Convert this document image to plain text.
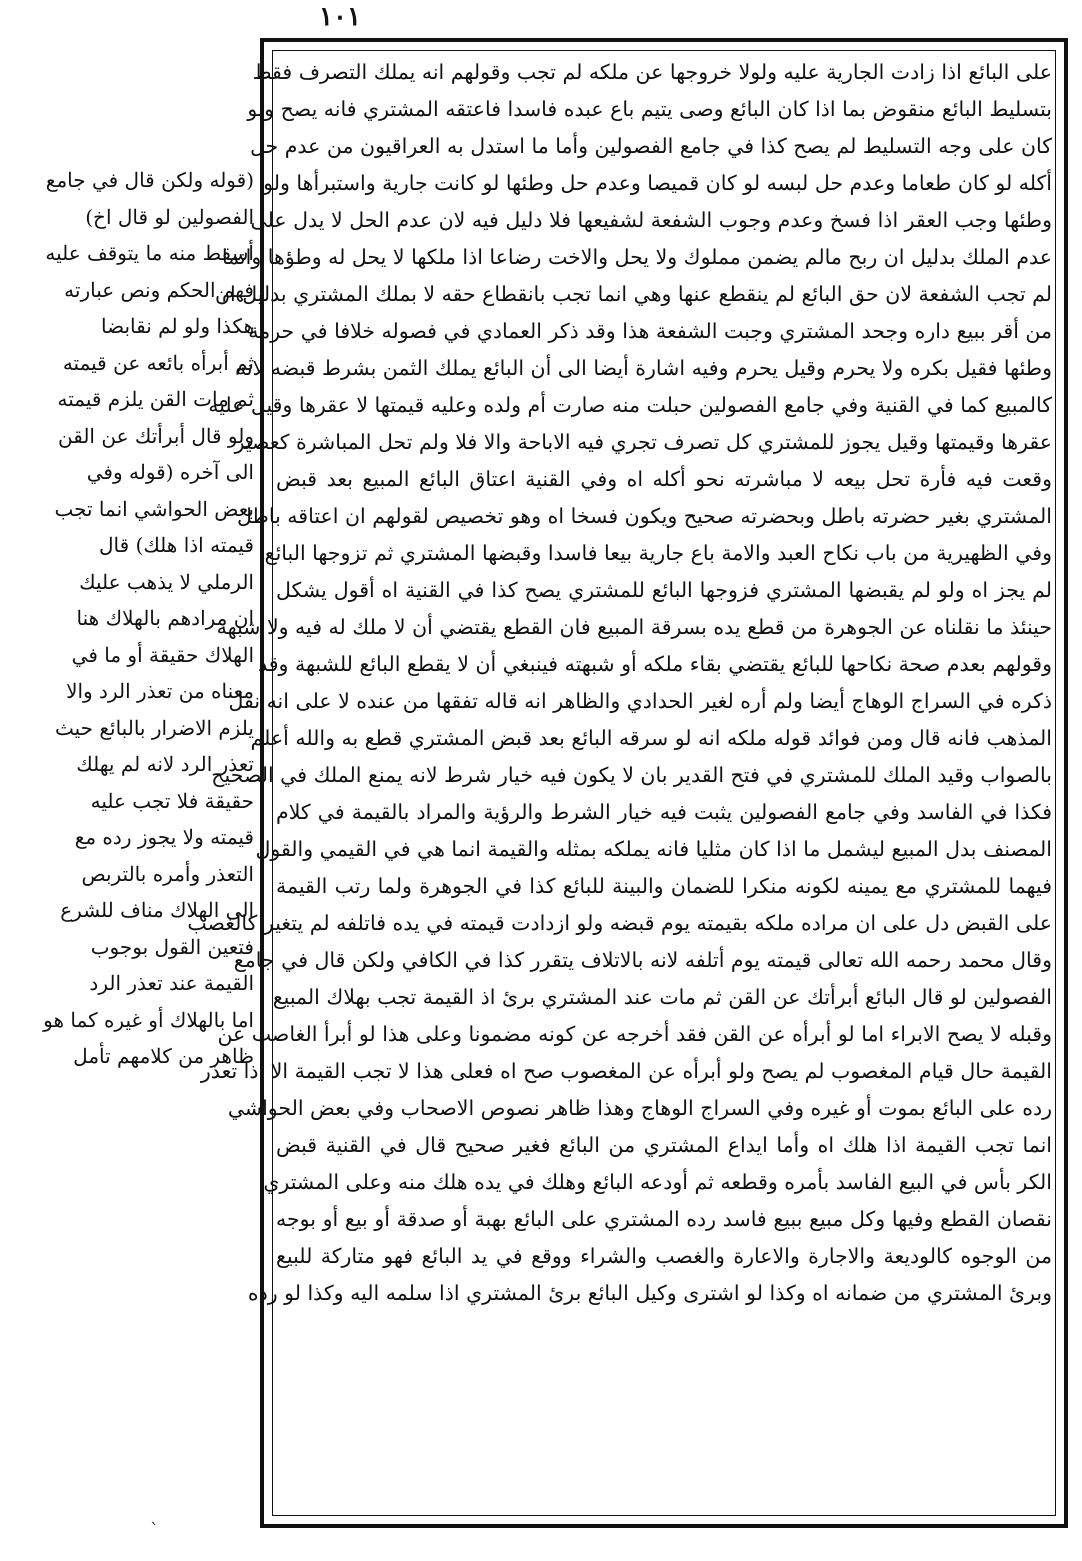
١٠١
على البائع اذا زادت الجارية عليه ولولا خروجها عن ملكه لم تجب وقولهم انه يملك التصرف فقط
بتسليط البائع منقوض بما اذا كان البائع وصى يتيم باع عبده فاسدا فاعتقه المشتري فانه يصح ولو
كان على وجه التسليط لم يصح كذا في جامع الفصولين وأما ما استدل به العراقيون من عدم حل
أكله لو كان طعاما وعدم حل لبسه لو كان قميصا وعدم حل وطئها لو كانت جارية واستبرأها ولو
وطئها وجب العقر اذا فسخ وعدم وجوب الشفعة لشفيعها فلا دليل فيه لان عدم الحل لا يدل على
عدم الملك بدليل ان ربح مالم يضمن مملوك ولا يحل والاخت رضاعا اذا ملكها لا يحل له وطؤها وانما
لم تجب الشفعة لان حق البائع لم ينقطع عنها وهي انما تجب بانقطاع حقه لا بملك المشتري بدليل ان
من أقر ببيع داره وجحد المشتري وجبت الشفعة هذا وقد ذكر العمادي في فصوله خلافا في حرمة
وطئها فقيل بكره ولا يحرم وقيل يحرم وفيه اشارة أيضا الى أن البائع يملك الثمن بشرط قبضه لانه
كالمبيع كما في القنية وفي جامع الفصولين حبلت منه صارت أم ولده وعليه قيمتها لا عقرها وقيل عليه
عقرها وقيمتها وقيل يجوز للمشتري كل تصرف تجري فيه الاباحة والا فلا ولم تحل المباشرة كعصير
وقعت فيه فأرة تحل بيعه لا مباشرته نحو أكله اه وفي القنية اعتاق البائع المبيع بعد قبض
المشتري بغير حضرته باطل وبحضرته صحيح ويكون فسخا اه وهو تخصيص لقولهم ان اعتاقه باطل
وفي الظهيرية من باب نكاح العبد والامة باع جارية بيعا فاسدا وقبضها المشتري ثم تزوجها البائع
لم يجز اه ولو لم يقبضها المشتري فزوجها البائع للمشتري يصح كذا في القنية اه أقول يشكل
حينئذ ما نقلناه عن الجوهرة من قطع يده بسرقة المبيع فان القطع يقتضي أن لا ملك له فيه ولا شبهة
وقولهم بعدم صحة نكاحها للبائع يقتضي بقاء ملكه أو شبهته فينبغي أن لا يقطع البائع للشبهة وقد
ذكره في السراج الوهاج أيضا ولم أره لغير الحدادي والظاهر انه قاله تفقها من عنده لا على انه نقل
المذهب فانه قال ومن فوائد قوله ملكه انه لو سرقه البائع بعد قبض المشتري قطع به والله أعلم
بالصواب وقيد الملك للمشتري في فتح القدير بان لا يكون فيه خيار شرط لانه يمنع الملك في الصحيح
فكذا في الفاسد وفي جامع الفصولين يثبت فيه خيار الشرط والرؤية والمراد بالقيمة في كلام
المصنف بدل المبيع ليشمل ما اذا كان مثليا فانه يملكه بمثله والقيمة انما هي في القيمي والقول
فيهما للمشتري مع يمينه لكونه منكرا للضمان والبينة للبائع كذا في الجوهرة ولما رتب القيمة
على القبض دل على ان مراده ملكه بقيمته يوم قبضه ولو ازدادت قيمته في يده فاتلفه لم يتغير كالغصب
وقال محمد رحمه الله تعالى قيمته يوم أتلفه لانه بالاتلاف يتقرر كذا في الكافي ولكن قال في جامع
الفصولين لو قال البائع أبرأتك عن القن ثم مات عند المشتري برئ اذ القيمة تجب بهلاك المبيع
وقبله لا يصح الابراء اما لو أبرأه عن القن فقد أخرجه عن كونه مضمونا وعلى هذا لو أبرأ الغاصب عن
القيمة حال قيام المغصوب لم يصح ولو أبرأه عن المغصوب صح اه فعلى هذا لا تجب القيمة الا اذا تعذر
رده على البائع بموت أو غيره وفي السراج الوهاج وهذا ظاهر نصوص الاصحاب وفي بعض الحواشي
انما تجب القيمة اذا هلك اه وأما ايداع المشتري من البائع فغير صحيح قال في القنية قبض
الكر بأس في البيع الفاسد بأمره وقطعه ثم أودعه البائع وهلك في يده هلك منه وعلى المشتري
نقصان القطع وفيها وكل مبيع ببيع فاسد رده المشتري على البائع بهبة أو صدقة أو بيع أو بوجه
من الوجوه كالوديعة والاجارة والاعارة والغصب والشراء ووقع في يد البائع فهو متاركة للبيع
وبرئ المشتري من ضمانه اه وكذا لو اشترى وكيل البائع برئ المشتري اذا سلمه اليه وكذا لو رده
(قوله ولكن قال في جامع
الفصولين لو قال اخ)
أسقط منه ما يتوقف عليه
فهم الحكم ونص عبارته
هكذا ولو لم نقابضا
ثم أبرأه بائعه عن قيمته
ثم مات القن يلزم قيمته
ولو قال أبرأتك عن القن
الى آخره (قوله وفي
بعض الحواشي انما تجب
قيمته اذا هلك) قال
الرملي لا يذهب عليك
ان مرادهم بالهلاك هنا
الهلاك حقيقة أو ما في
معناه من تعذر الرد والا
يلزم الاضرار بالبائع حيث
تعذر الرد لانه لم يهلك
حقيقة فلا تجب عليه
قيمته ولا يجوز رده مع
التعذر وأمره بالتربص
الى الهلاك مناف للشرع
فتعين القول بوجوب
القيمة عند تعذر الرد
اما بالهلاك أو غيره كما هو
ظاهر من كلامهم تأمل
`
